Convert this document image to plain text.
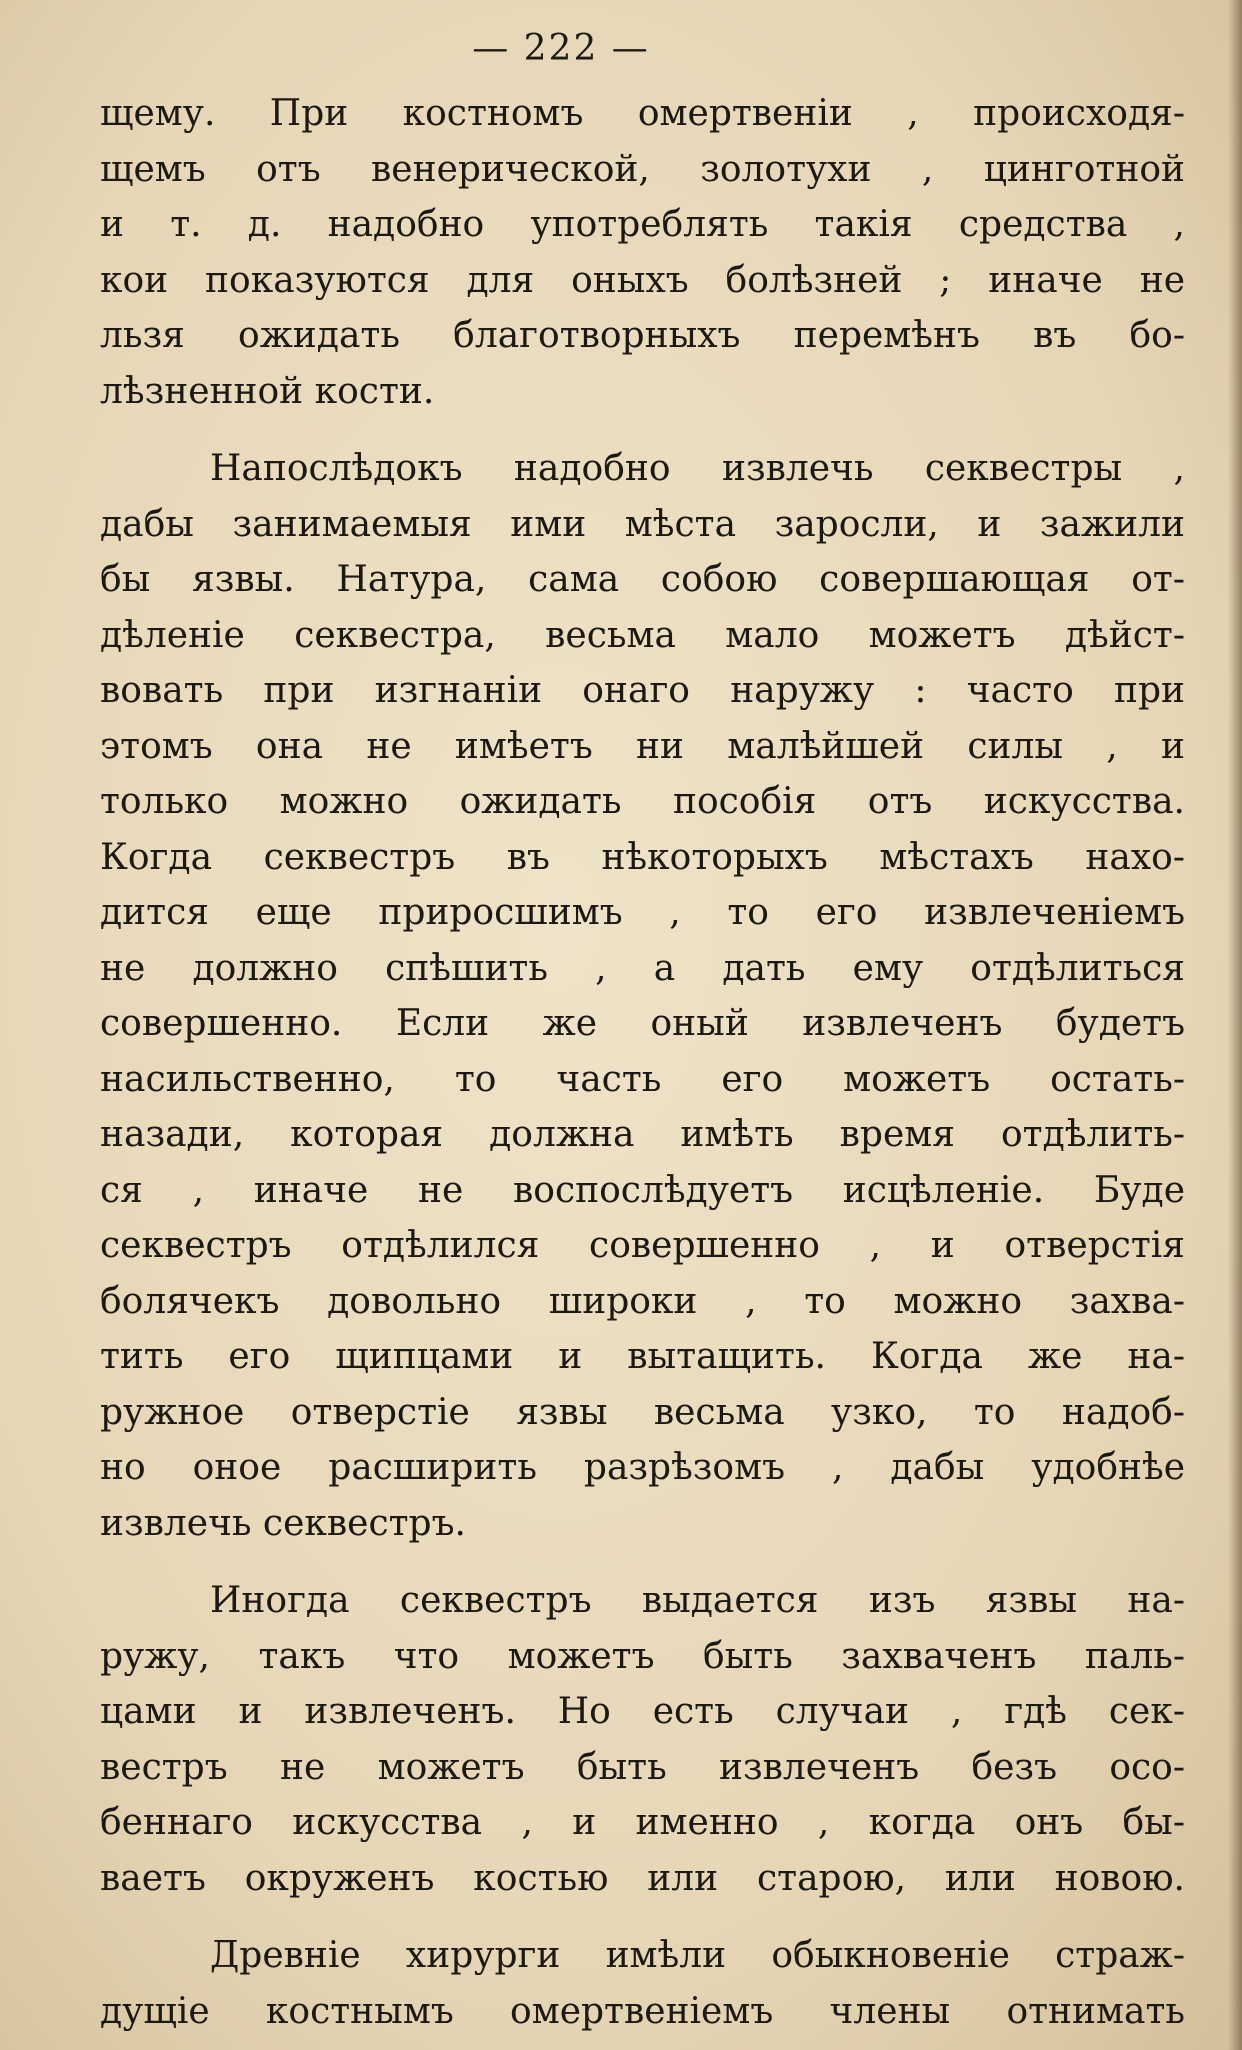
— 222 —
щему. При костномъ омертвенiи , происходя-
щемъ отъ венерической, золотухи , цинготной
и т. д. надобно употреблять такiя средства ,
кои показуются для оныхъ болѣзней ; иначе не
льзя ожидать благотворныхъ перемѣнъ въ бо-
лѣзненной кости.
Напослѣдокъ надобно извлечь секвестры ,
дабы занимаемыя ими мѣста заросли, и зажили
бы язвы. Натура, сама собою совершающая от-
дѣленiе секвестра, весьма мало можетъ дѣйст-
вовать при изгнанiи онаго наружу : часто при
этомъ она не имѣетъ ни малѣйшей силы , и
только можно ожидать пособiя отъ искусства.
Когда секвестръ въ нѣкоторыхъ мѣстахъ нахо-
дится еще приросшимъ , то его извлеченiемъ
не должно спѣшить , а дать ему отдѣлиться
совершенно. Если же оный извлеченъ будетъ
насильственно, то часть его можетъ остать-
назади, которая должна имѣть время отдѣлить-
ся , иначе не воспослѣдуетъ исцѣленiе. Буде
секвестръ отдѣлился совершенно , и отверстiя
болячекъ довольно широки , то можно захва-
тить его щипцами и вытащить. Когда же на-
ружное отверстiе язвы весьма узко, то надоб-
но оное расширить разрѣзомъ , дабы удобнѣе
извлечь секвестръ.
Иногда секвестръ выдается изъ язвы на-
ружу, такъ что можетъ быть захваченъ паль-
цами и извлеченъ. Но есть случаи , гдѣ сек-
вестръ не можетъ быть извлеченъ безъ осо-
беннаго искусства , и именно , когда онъ бы-
ваетъ окруженъ костью или старою, или новою.
Древнiе хирурги имѣли обыкновенiе страж-
дущiе костнымъ омертвенiемъ члены отнимать
